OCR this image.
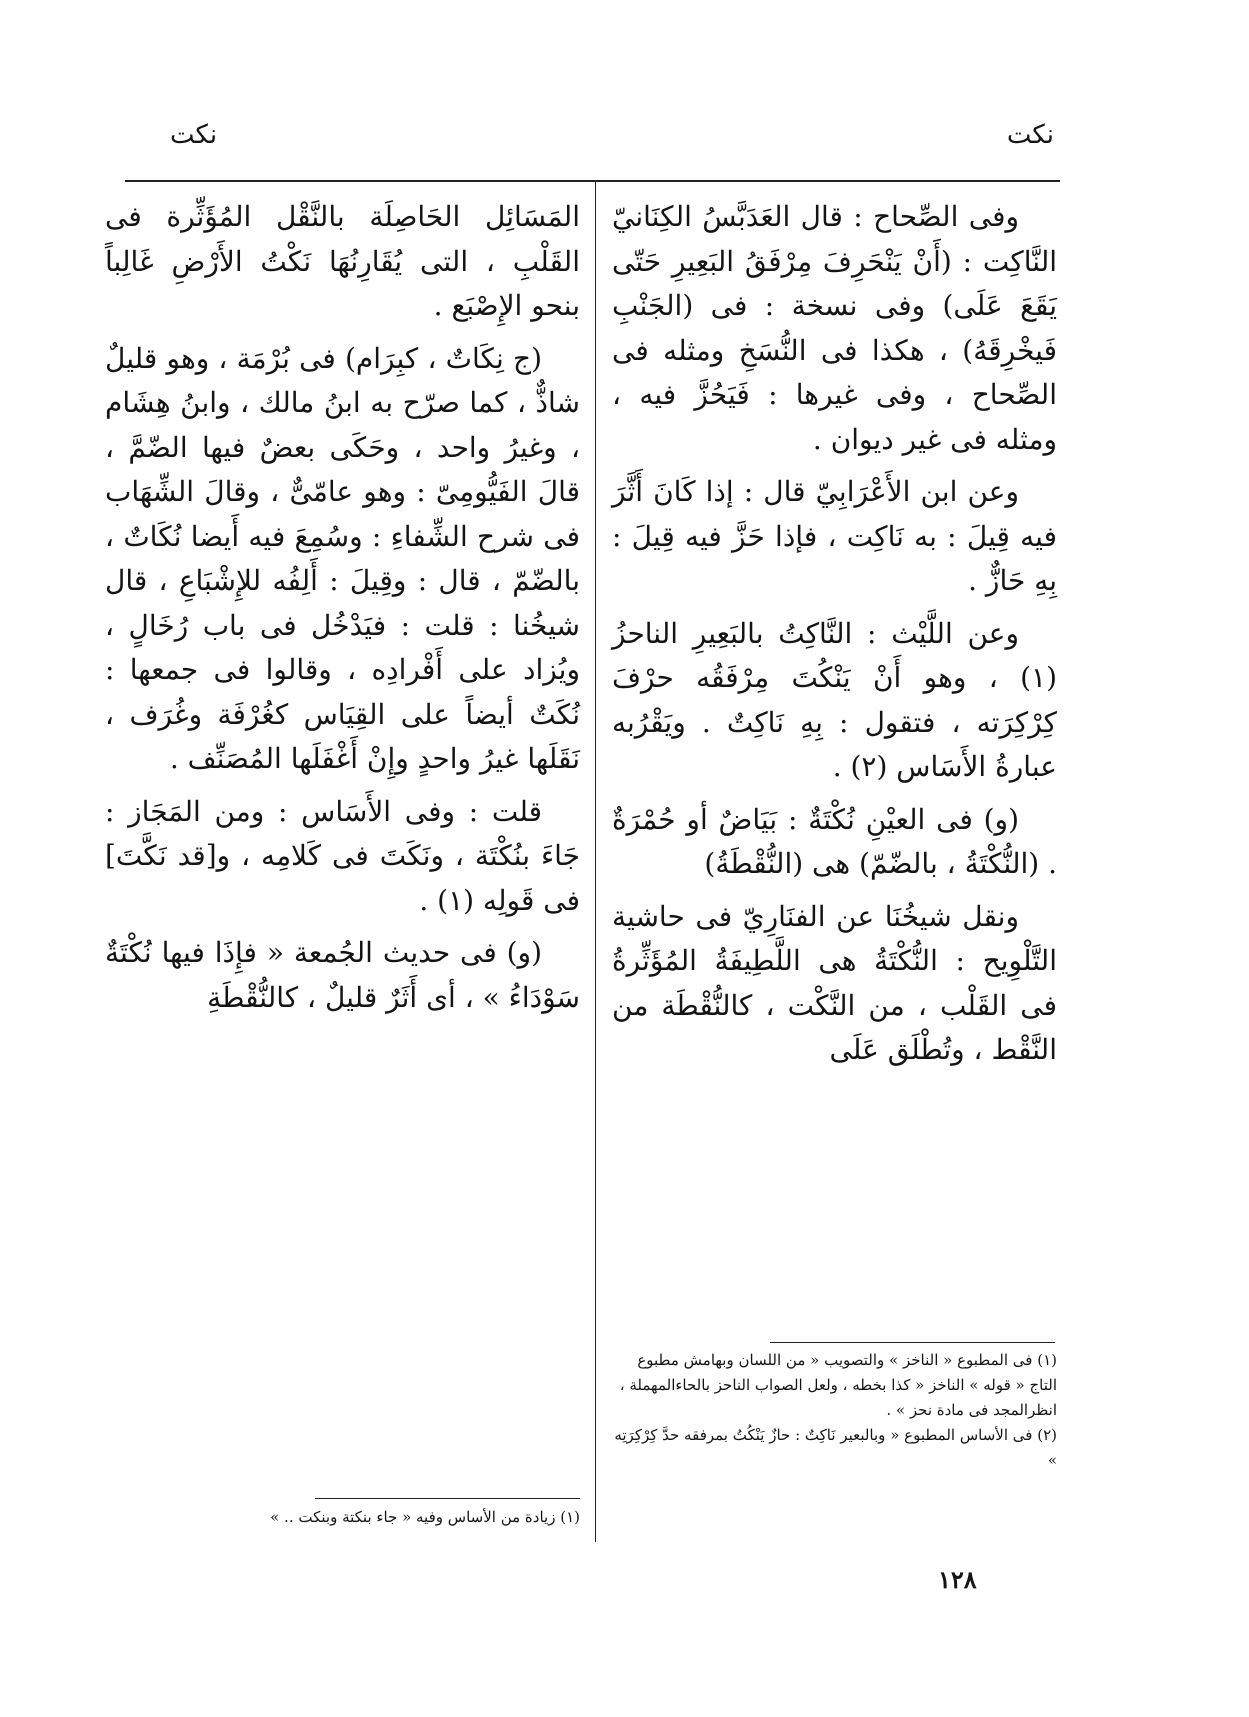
نكت
نكت

وفى الصِّحاح : قال العَدَبَّسُ الكِنَانيّ النَّاكِت : (أَنْ يَنْحَرِفَ مِرْفَقُ البَعِيرِ حَتّى يَقَعَ عَلَى) وفى نسخة : فى (الجَنْبِ فَيخْرِقَهُ) ، هكذا فى النُّسَخِ ومثله فى الصِّحاح ، وفى غيرها : فَيَحُزَّ فيه ، ومثله فى غير ديوان .

وعن ابن الأَعْرَابِيّ قال : إذا كَانَ أَثَّرَ فيه قِيلَ : به نَاكِت ، فإذا حَزَّ فيه قِيلَ : بِهِ حَازٌّ .

وعن اللَّيْث : النَّاكِتُ بالبَعِيرِ الناحزُ (١) ، وهو أَنْ يَنْكُتَ مِرْفَقُه حرْفَ كِرْكِرَته ، فتقول : بِهِ نَاكِتٌ . ويَقْرُبه عبارةُ الأَسَاس (٢) .

(و) فى العيْنِ نُكْتَةٌ : بَيَاضٌ أو حُمْرَةٌ . (النُّكْتَةُ ، بالضّمّ) هى (النُّقْطَةُ)

ونقل شيخُنَا عن الفنَارِيّ فى حاشية التَّلْوِيح : النُّكْتَةُ هى اللَّطِيفَةُ المُؤَثِّرةُ فى القَلْب ، من النَّكْت ، كالنُّقْطَة من النَّقْط ، وتُطْلَق عَلَى

(١) فى المطبوع « الناخز » والتصويب « من اللسان وبهامش مطبوع التاج « قوله » الناخز « كذا بخطه ، ولعل الصواب الناحز بالحاءالمهملة ، انظرالمجد فى مادة نحز » .

(٢) فى الأساس المطبوع « وبالبعير نَاكِتٌ : حازٌ يَنْكُتُ بمرفقه حدَّ كِرْكِرَتِه »

المَسَائِل الحَاصِلَة بالنَّقْل المُؤَثِّرة فى القَلْبِ ، التى يُقَارِنُهَا نَكْتُ الأَرْضِ غَالِباً بنحو الإِصْبَع .

(ج نِكَاتٌ ، كبِرَام) فى بُرْمَة ، وهو قليلٌ شاذٌّ ، كما صرّح به ابنُ مالك ، وابنُ هِشَام ، وغيرُ واحد ، وحَكَى بعضٌ فيها الضّمَّ ، قالَ الفَيُّومِىّ : وهو عامّىٌّ ، وقالَ الشِّهَاب فى شرح الشِّفاءِ : وسُمِعَ فيه أَيضا نُكَاتٌ ، بالضّمّ ، قال : وقِيلَ : أَلِفُه للإِشْبَاعِ ، قال شيخُنا : قلت : فيَدْخُل فى باب رُخَالٍ ، ويُزاد على أَفْرادِه ، وقالوا فى جمعها : نُكَتٌ أيضاً على القِيَاس كغُرْفَة وغُرَف ، نَقَلَها غيرُ واحدٍ وإِنْ أَغْفَلَها المُصَنِّف .

قلت : وفى الأَسَاس : ومن المَجَاز : جَاءَ بنُكْتَة ، ونَكَتَ فى كَلامِه ، و[قد نَكَّتَ] فى قَولِه (١) .

(و) فى حديث الجُمعة « فإِذَا فيها نُكْتَةٌ سَوْدَاءُ » ، أى أَثَرٌ قليلٌ ، كالنُّقْطَةِ

(١) زيادة من الأساس وفيه « جاء بنكتة وبنكت .. »

١٢٨
